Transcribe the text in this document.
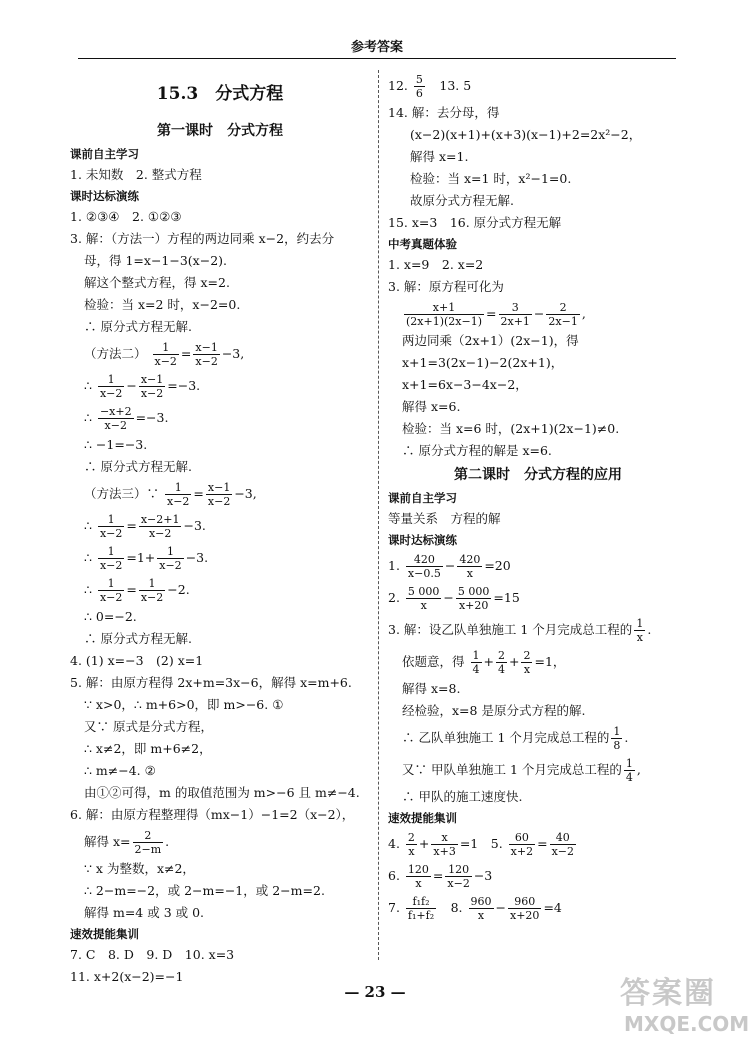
参考答案
15.3　分式方程
第一课时　分式方程
课前自主学习
1. 未知数　2. 整式方程
课时达标演练
1. ②③④　2. ①②③
3. 解：（方法一）方程的两边同乘 x−2，约去分
母，得 1=x−1−3(x−2).
解这个整式方程，得 x=2.
检验：当 x=2 时，x−2=0.
∴ 原分式方程无解.
（方法二） $\frac{1}{x-2} = \frac{x-1}{x-2} -3$,
∴ $\frac{1}{x-2} - \frac{x-1}{x-2} =-3$.
∴ $\frac{-x+2}{x-2} =-3$.
∴ −1=−3.
∴ 原分式方程无解.
（方法三）∵ $\frac{1}{x-2} = \frac{x-1}{x-2} -3$,
∴ $\frac{1}{x-2} = \frac{x-2+1}{x-2} -3$.
∴ $\frac{1}{x-2} =1+ \frac{1}{x-2} -3$.
∴ $\frac{1}{x-2} = \frac{1}{x-2} -2$.
∴ 0=−2.
∴ 原分式方程无解.
4. (1) x=−3　(2) x=1
5. 解：由原方程得 2x+m=3x−6，解得 x=m+6.
∵ x>0，∴ m+6>0，即 m>−6. ①
又∵ 原式是分式方程，
∴ x≠2，即 m+6≠2，
∴ m≠−4. ②
由①②可得，m 的取值范围为 m>−6 且 m≠−4.
6. 解：由原方程整理得（mx−1）−1=2（x−2），
解得 $x= \frac{2}{2-m}$ .
∵ x 为整数，x≠2，
∴ 2−m=−2，或 2−m=−1，或 2−m=2.
解得 m=4 或 3 或 0.
速效提能集训
7. C　8. D　9. D　10. x=3
11. x+2(x−2)=−1
12. $\frac{5}{6}$ 　13. 5
14. 解：去分母，得
(x−2)(x+1)+(x+3)(x−1)+2=2x²−2，
解得 x=1.
检验：当 x=1 时，x²−1=0.
故原分式方程无解.
15. x=3　16. 原分式方程无解
中考真题体验
1. x=9　2. x=2
3. 解：原方程可化为
$\frac{x+1}{(2x+1)(2x-1)} = \frac{3}{2x+1} - \frac{2}{2x-1}$ ,
两边同乘（2x+1）(2x−1)，得
x+1=3(2x−1)−2(2x+1)，
x+1=6x−3−4x−2，
解得 x=6.
检验：当 x=6 时，(2x+1)(2x−1)≠0.
∴ 原分式方程的解是 x=6.
第二课时　分式方程的应用
课前自主学习
等量关系　方程的解
课时达标演练
1. $\frac{420}{x-0.5} - \frac{420}{x} =20$
2. $\frac{5 000}{x} - \frac{5 000}{x+20} =15$
3. 解：设乙队单独施工 1 个月完成总工程的 $\frac{1}{x}$ .
依题意，得 $\frac{1}{4} + \frac{2}{4} + \frac{2}{x} =1$，
解得 x=8.
经检验，x=8 是原分式方程的解.
∴ 乙队单独施工 1 个月完成总工程的 $\frac{1}{8}$ .
又∵ 甲队单独施工 1 个月完成总工程的 $\frac{1}{4}$ ,
∴ 甲队的施工速度快.
速效提能集训
4. $\frac{2}{x} + \frac{x}{x+3} =1$　5. $\frac{60}{x+2} = \frac{40}{x-2}$
6. $\frac{120}{x} = \frac{120}{x-2} -3$
7. $\frac{\text{f₁f₂}}{\text{f₁+f₂}}$ 　8. $\frac{960}{x} - \frac{960}{x+20} =4$
— 23 —	答案圈
MXQE.COM
